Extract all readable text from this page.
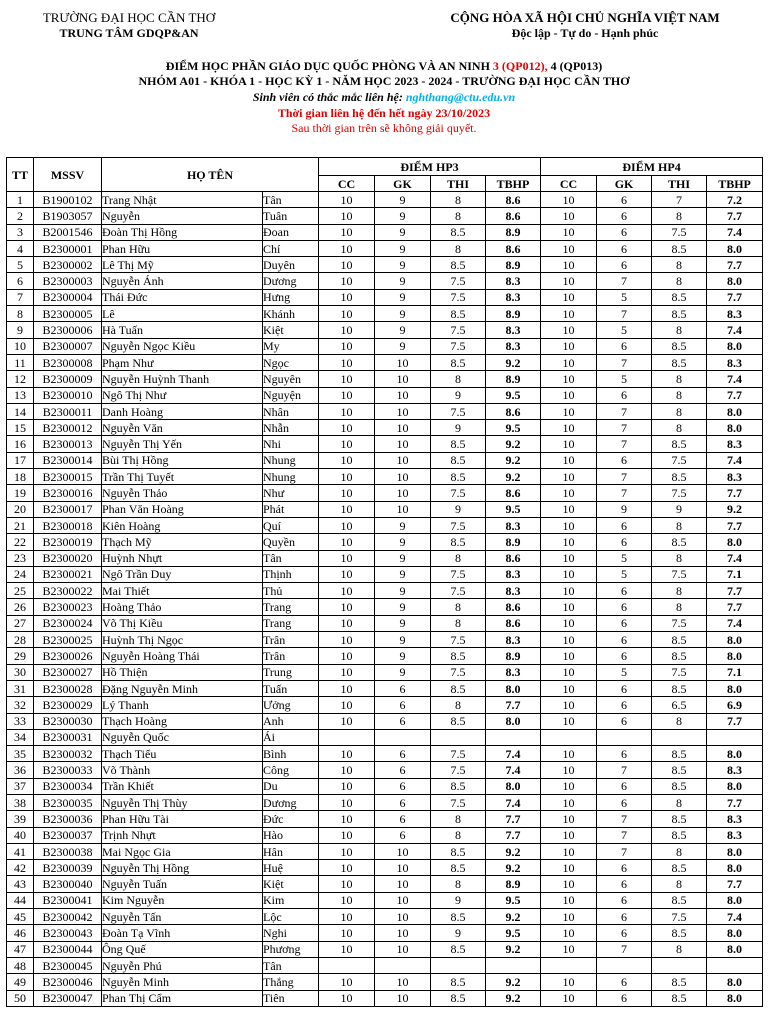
TRƯỜNG ĐẠI HỌC CẦN THƠ
TRUNG TÂM GDQP&AN
CỘNG HÒA XÃ HỘI CHỦ NGHĨA VIỆT NAM
Độc lập - Tự do - Hạnh phúc
ĐIỂM HỌC PHẦN GIÁO DỤC QUỐC PHÒNG VÀ AN NINH 3 (QP012), 4 (QP013)
NHÓM A01 - KHÓA 1 - HỌC KỲ 1 - NĂM HỌC 2023 - 2024 - TRƯỜNG ĐẠI HỌC CẦN THƠ
Sinh viên có thắc mắc liên hệ: nghthang@ctu.edu.vn
Thời gian liên hệ đến hết ngày 23/10/2023
Sau thời gian trên sẽ không giải quyết.
TT	MSSV	HỌ TÊN		ĐIỂM HP3				ĐIỂM HP4			
				CC	GK	THI	TBHP	CC	GK	THI	TBHP
1	B1900102	Trang Nhật	Tân	10	9	8	8.6	10	6	7	7.2
2	B1903057	Nguyễn	Tuân	10	9	8	8.6	10	6	8	7.7
3	B2001546	Đoàn Thị Hồng	Đoan	10	9	8.5	8.9	10	6	7.5	7.4
4	B2300001	Phan Hữu	Chí	10	9	8	8.6	10	6	8.5	8.0
5	B2300002	Lê Thị Mỹ	Duyên	10	9	8.5	8.9	10	6	8	7.7
6	B2300003	Nguyễn Ánh	Dương	10	9	7.5	8.3	10	7	8	8.0
7	B2300004	Thái Đức	Hưng	10	9	7.5	8.3	10	5	8.5	7.7
8	B2300005	Lê	Khánh	10	9	8.5	8.9	10	7	8.5	8.3
9	B2300006	Hà Tuấn	Kiệt	10	9	7.5	8.3	10	5	8	7.4
10	B2300007	Nguyễn Ngọc Kiều	My	10	9	7.5	8.3	10	6	8.5	8.0
11	B2300008	Phạm Như	Ngọc	10	10	8.5	9.2	10	7	8.5	8.3
12	B2300009	Nguyễn Huỳnh Thanh	Nguyên	10	10	8	8.9	10	5	8	7.4
13	B2300010	Ngô Thị Như	Nguyện	10	10	9	9.5	10	6	8	7.7
14	B2300011	Danh Hoàng	Nhân	10	10	7.5	8.6	10	7	8	8.0
15	B2300012	Nguyễn Văn	Nhẫn	10	10	9	9.5	10	7	8	8.0
16	B2300013	Nguyễn Thị Yến	Nhi	10	10	8.5	9.2	10	7	8.5	8.3
17	B2300014	Bùi Thị Hồng	Nhung	10	10	8.5	9.2	10	6	7.5	7.4
18	B2300015	Trần Thị Tuyết	Nhung	10	10	8.5	9.2	10	7	8.5	8.3
19	B2300016	Nguyễn Thảo	Như	10	10	7.5	8.6	10	7	7.5	7.7
20	B2300017	Phan Văn Hoàng	Phát	10	10	9	9.5	10	9	9	9.2
21	B2300018	Kiên Hoàng	Quí	10	9	7.5	8.3	10	6	8	7.7
22	B2300019	Thạch Mỹ	Quyền	10	9	8.5	8.9	10	6	8.5	8.0
23	B2300020	Huỳnh Nhựt	Tân	10	9	8	8.6	10	5	8	7.4
24	B2300021	Ngô Trần Duy	Thịnh	10	9	7.5	8.3	10	5	7.5	7.1
25	B2300022	Mai Thiết	Thủ	10	9	7.5	8.3	10	6	8	7.7
26	B2300023	Hoàng Thảo	Trang	10	9	8	8.6	10	6	8	7.7
27	B2300024	Võ Thị Kiều	Trang	10	9	8	8.6	10	6	7.5	7.4
28	B2300025	Huỳnh Thị Ngọc	Trân	10	9	7.5	8.3	10	6	8.5	8.0
29	B2300026	Nguyễn Hoàng Thái	Trân	10	9	8.5	8.9	10	6	8.5	8.0
30	B2300027	Hồ Thiện	Trung	10	9	7.5	8.3	10	5	7.5	7.1
31	B2300028	Đặng Nguyễn Minh	Tuấn	10	6	8.5	8.0	10	6	8.5	8.0
32	B2300029	Lý Thanh	Ưởng	10	6	8	7.7	10	6	6.5	6.9
33	B2300030	Thạch Hoàng	Anh	10	6	8.5	8.0	10	6	8	7.7
34	B2300031	Nguyễn Quốc	Ái								
35	B2300032	Thạch Tiểu	Bình	10	6	7.5	7.4	10	6	8.5	8.0
36	B2300033	Võ Thành	Công	10	6	7.5	7.4	10	7	8.5	8.3
37	B2300034	Trần Khiết	Du	10	6	8.5	8.0	10	6	8.5	8.0
38	B2300035	Nguyễn Thị Thùy	Dương	10	6	7.5	7.4	10	6	8	7.7
39	B2300036	Phan Hữu Tài	Đức	10	6	8	7.7	10	7	8.5	8.3
40	B2300037	Trịnh Nhựt	Hào	10	6	8	7.7	10	7	8.5	8.3
41	B2300038	Mai Ngọc Gia	Hân	10	10	8.5	9.2	10	7	8	8.0
42	B2300039	Nguyễn Thị Hồng	Huệ	10	10	8.5	9.2	10	6	8.5	8.0
43	B2300040	Nguyễn Tuấn	Kiệt	10	10	8	8.9	10	6	8	7.7
44	B2300041	Kim Nguyễn	Kim	10	10	9	9.5	10	6	8.5	8.0
45	B2300042	Nguyễn Tấn	Lộc	10	10	8.5	9.2	10	6	7.5	7.4
46	B2300043	Đoàn Tạ Vĩnh	Nghi	10	10	9	9.5	10	6	8.5	8.0
47	B2300044	Ông Quế	Phương	10	10	8.5	9.2	10	7	8	8.0
48	B2300045	Nguyễn Phú	Tân								
49	B2300046	Nguyễn Minh	Thắng	10	10	8.5	9.2	10	6	8.5	8.0
50	B2300047	Phan Thị Cẩm	Tiên	10	10	8.5	9.2	10	6	8.5	8.0
